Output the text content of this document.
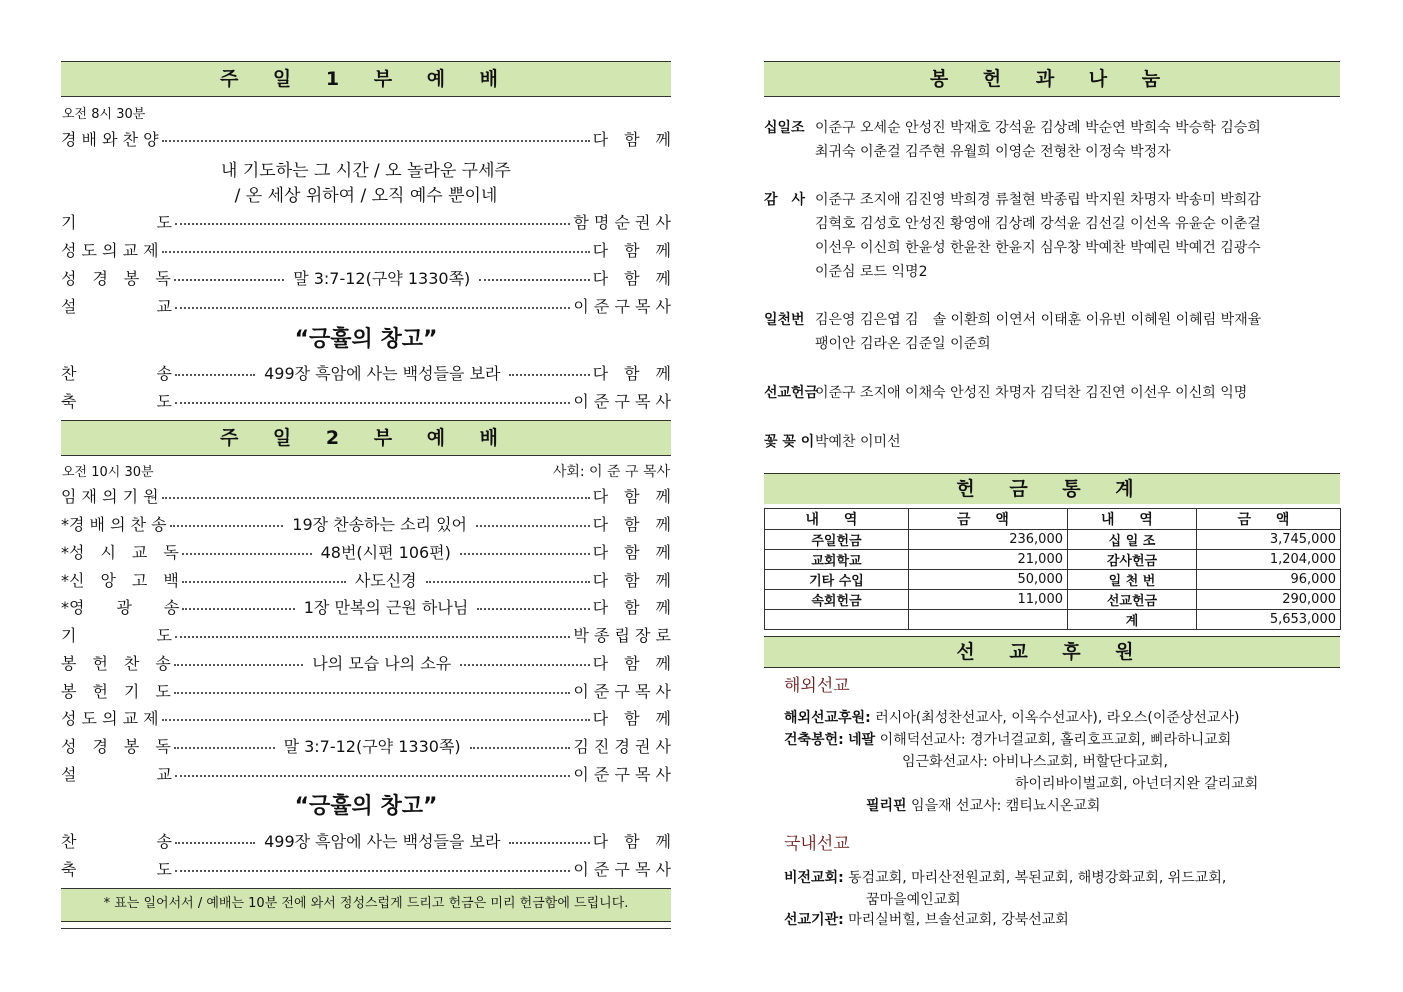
주 일 1 부 예 배
오전 8시 30분
내 기도하는 그 시간 / 오 놀라운 구세주
/ 온 세상 위하여 / 오직 예수 뿐이네
“긍휼의 창고”
주 일 2 부 예 배
오전 10시 30분	사회: 이 준 구 목사
“긍휼의 창고”
* 표는 일어서서 / 예배는 10분 전에 와서 정성스럽게 드리고 헌금은 미리 헌금함에 드립니다.
경 배 와 찬 양	다　함　께
기　　　　　도	함 명 순 권 사
성 도 의 교 제	다　함　께
성　경　봉　독	말 3:7-12(구약 1330쪽)	다　함　께
설　　　　　교	이 준 구 목 사
찬　　　　　송	499장 흑암에 사는 백성들을 보라	다　함　께
축　　　　　도	이 준 구 목 사
임 재 의 기 원	다　함　께
*경 배 의 찬 송	19장 찬송하는 소리 있어	다　함　께
*성　시　교　독	48번(시편 106편)	다　함　께
*신　앙　고　백	사도신경	다　함　께
*영　　광　　송	1장 만복의 근원 하나님	다　함　께
기　　　　　도	박 종 립 장 로
봉　헌　찬　송	나의 모습 나의 소유	다　함　께
봉　헌　기　도	이 준 구 목 사
성 도 의 교 제	다　함　께
성　경　봉　독	말 3:7-12(구약 1330쪽)	김 진 경 권 사
설　　　　　교	이 준 구 목 사
찬　　　　　송	499장 흑암에 사는 백성들을 보라	다　함　께
축　　　　　도	이 준 구 목 사
봉 헌 과 나 눔
십일조 이준구 오세순 안성진 박재호 강석윤 김상례 박순연 박희숙 박승학 김승희
최귀숙 이춘걸 김주현 유월희 이영순 전형찬 이정숙 박정자
감　사 이준구 조지애 김진영 박희경 류철현 박종립 박지원 차명자 박송미 박희감
김혁호 김성호 안성진 황영애 김상례 강석윤 김선길 이선옥 유윤순 이춘걸
이선우 이신희 한윤성 한윤찬 한윤지 심우창 박예찬 박예린 박예건 김광수
이준심 로드 익명2
일천번 김은영 김은엽 김　솔 이환희 이연서 이태훈 이유빈 이혜원 이혜림 박재율
팽이안 김라온 김준일 이준희
선교헌금
이준구 조지애 이채숙 안성진 차명자 김덕찬 김진연 이선우 이신희 익명
꽃 꽂 이 박예찬 이미선
헌 금 통 계
내 역	금 액	내 역	금 액
주일헌금	236,000	십 일 조	3,745,000
교회학교	21,000	감사헌금	1,204,000
기타 수입	50,000	일 천 번	96,000
속회헌금	11,000	선교헌금	290,000
		계	5,653,000
선 교 후 원
해외선교
해외선교후원: 러시아(최성찬선교사, 이옥수선교사), 라오스(이준상선교사)
건축봉헌: 네팔 이해덕선교사: 경가너걸교회, 홀리호프교회, 삐라하니교회
임근화선교사: 아비나스교회, 버할단다교회,
하이리바이벌교회, 아넌더지완 갈리교회
필리핀 임을재 선교사: 캠티뇨시온교회
국내선교
비전교회: 동검교회, 마리산전원교회, 복된교회, 해병강화교회, 위드교회,
꿈마을예인교회
선교기관: 마리실버힐, 브솔선교회, 강북선교회
